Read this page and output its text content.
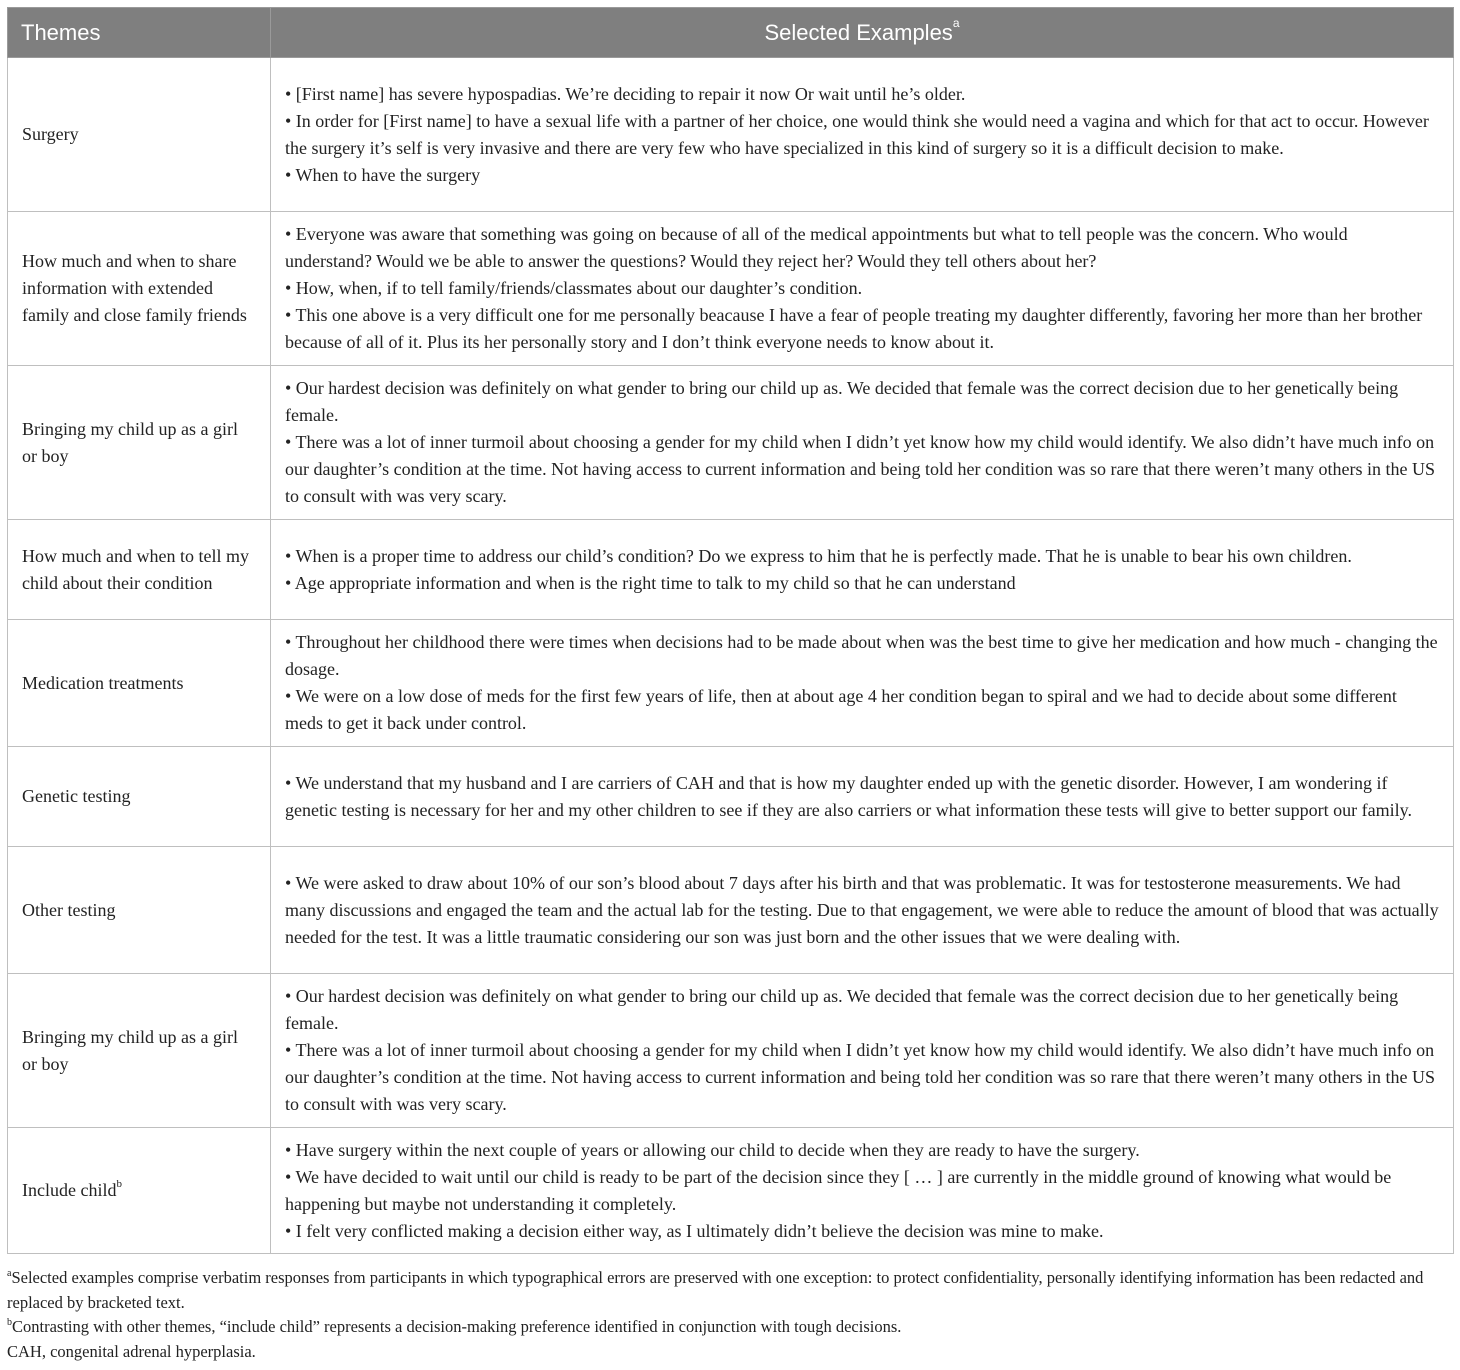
Themes	Selected Examples$^a$
Surgery	• [First name] has severe hypospadias. We’re deciding to repair it now Or wait until he’s older.
• In order for [First name] to have a sexual life with a partner of her choice, one would think she would need a vagina and which for that act to occur. However the surgery it’s self is very invasive and there are very few who have specialized in this kind of surgery so it is a difficult decision to make.
• When to have the surgery

How much and when to share information with extended family and close family friends	• Everyone was aware that something was going on because of all of the medical appointments but what to tell people was the concern. Who would understand? Would we be able to answer the questions? Would they reject her? Would they tell others about her?
• How, when, if to tell family/friends/classmates about our daughter’s condition.
• This one above is a very difficult one for me personally beacause I have a fear of people treating my daughter differently, favoring her more than her brother because of all of it. Plus its her personally story and I don’t think everyone needs to know about it.

Bringing my child up as a girl or boy	• Our hardest decision was definitely on what gender to bring our child up as. We decided that female was the correct decision due to her genetically being female.
• There was a lot of inner turmoil about choosing a gender for my child when I didn’t yet know how my child would identify. We also didn’t have much info on our daughter’s condition at the time. Not having access to current information and being told her condition was so rare that there weren’t many others in the US to consult with was very scary.

How much and when to tell my child about their condition	• When is a proper time to address our child’s condition? Do we express to him that he is perfectly made. That he is unable to bear his own children.
• Age appropriate information and when is the right time to talk to my child so that he can understand

Medication treatments	• Throughout her childhood there were times when decisions had to be made about when was the best time to give her medication and how much - changing the dosage.
• We were on a low dose of meds for the first few years of life, then at about age 4 her condition began to spiral and we had to decide about some different meds to get it back under control.

Genetic testing	• We understand that my husband and I are carriers of CAH and that is how my daughter ended up with the genetic disorder. However, I am wondering if genetic testing is necessary for her and my other children to see if they are also carriers or what information these tests will give to better support our family.

Other testing	• We were asked to draw about 10% of our son’s blood about 7 days after his birth and that was problematic. It was for testosterone measurements. We had many discussions and engaged the team and the actual lab for the testing. Due to that engagement, we were able to reduce the amount of blood that was actually needed for the test. It was a little traumatic considering our son was just born and the other issues that we were dealing with.

Bringing my child up as a girl or boy	• Our hardest decision was definitely on what gender to bring our child up as. We decided that female was the correct decision due to her genetically being female.
• There was a lot of inner turmoil about choosing a gender for my child when I didn’t yet know how my child would identify. We also didn’t have much info on our daughter’s condition at the time. Not having access to current information and being told her condition was so rare that there weren’t many others in the US to consult with was very scary.

Include child$^b$	• Have surgery within the next couple of years or allowing our child to decide when they are ready to have the surgery.
• We have decided to wait until our child is ready to be part of the decision since they [ … ] are currently in the middle ground of knowing what would be happening but maybe not understanding it completely.
• I felt very conflicted making a decision either way, as I ultimately didn’t believe the decision was mine to make.

$^a$Selected examples comprise verbatim responses from participants in which typographical errors are preserved with one exception: to protect confidentiality, personally identifying information has been redacted and replaced by bracketed text.

$^b$Contrasting with other themes, “include child” represents a decision-making preference identified in conjunction with tough decisions.

CAH, congenital adrenal hyperplasia.
